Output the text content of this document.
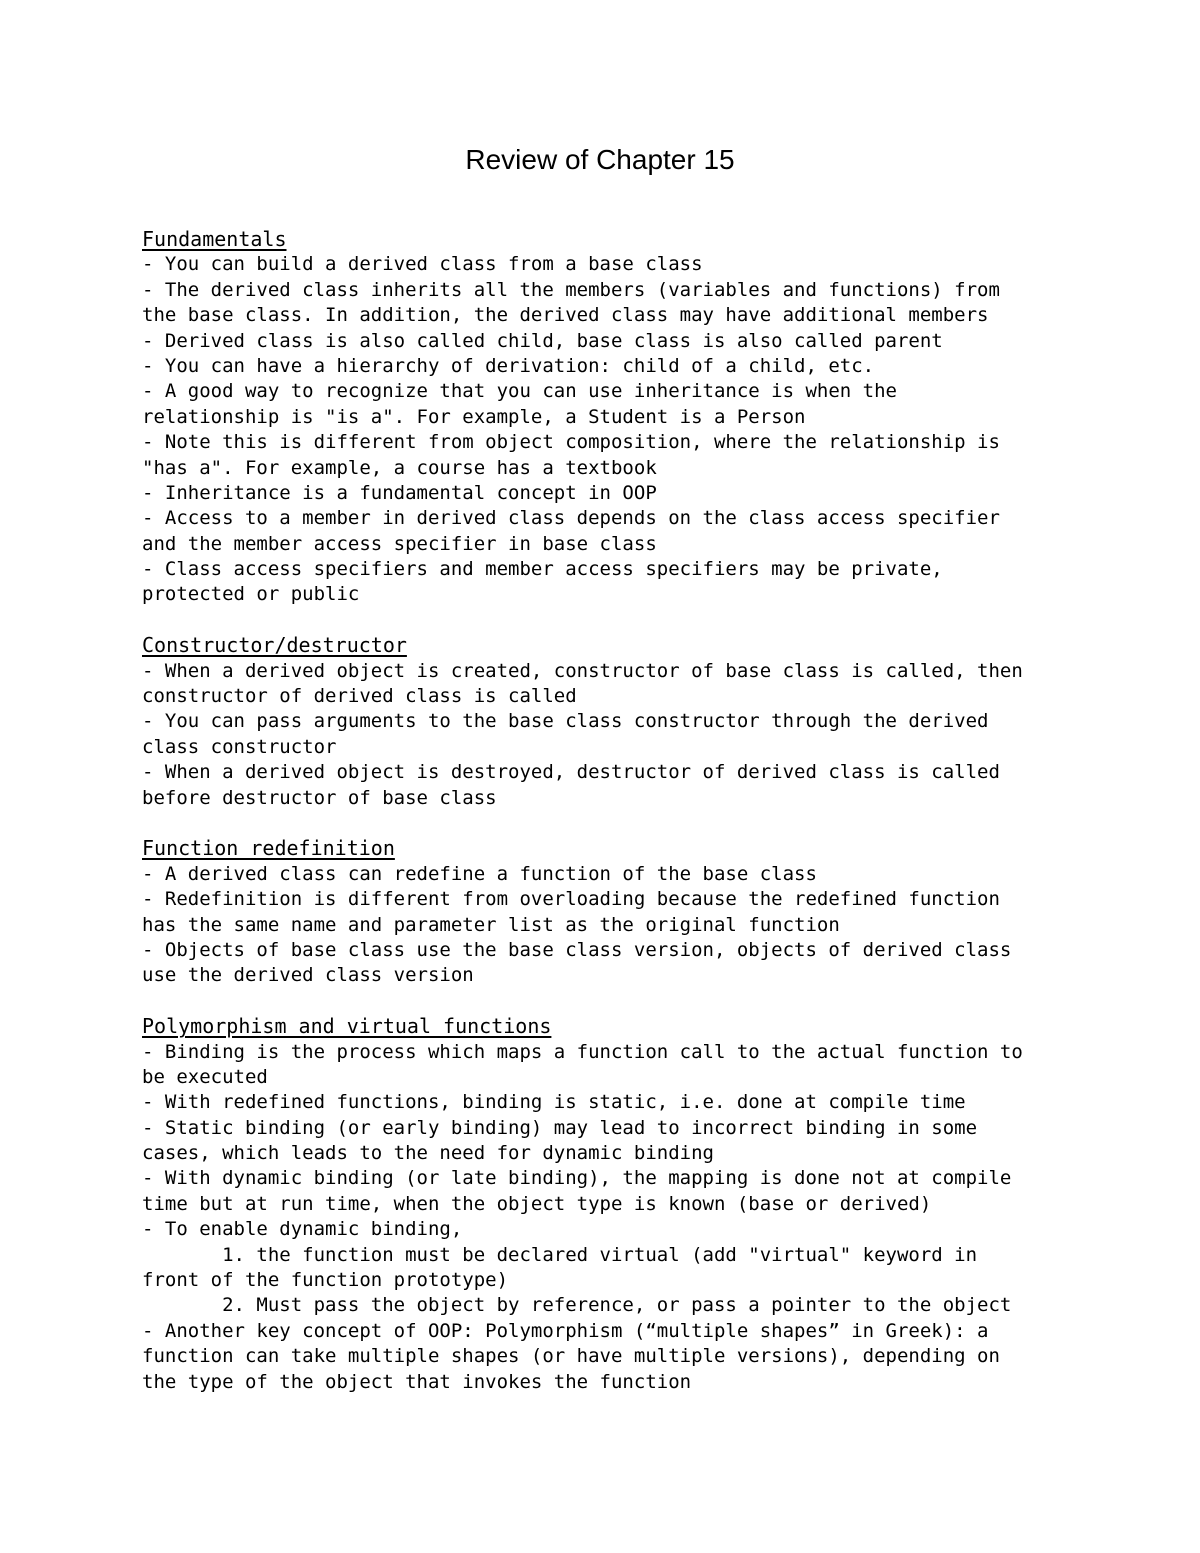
Review of Chapter 15
Fundamentals
- You can build a derived class from a base class
- The derived class inherits all the members (variables and functions) from
the base class. In addition, the derived class may have additional members
- Derived class is also called child, base class is also called parent
- You can have a hierarchy of derivation: child of a child, etc.
- A good way to recognize that you can use inheritance is when the
relationship is "is a". For example, a Student is a Person
- Note this is different from object composition, where the relationship is
"has a". For example, a course has a textbook
- Inheritance is a fundamental concept in OOP
- Access to a member in derived class depends on the class access specifier
and the member access specifier in base class
- Class access specifiers and member access specifiers may be private,
protected or public
Constructor/destructor
- When a derived object is created, constructor of base class is called, then
constructor of derived class is called
- You can pass arguments to the base class constructor through the derived
class constructor
- When a derived object is destroyed, destructor of derived class is called
before destructor of base class
Function redefinition
- A derived class can redefine a function of the base class
- Redefinition is different from overloading because the redefined function
has the same name and parameter list as the original function
- Objects of base class use the base class version, objects of derived class
use the derived class version
Polymorphism and virtual functions
- Binding is the process which maps a function call to the actual function to
be executed
- With redefined functions, binding is static, i.e. done at compile time
- Static binding (or early binding) may lead to incorrect binding in some
cases, which leads to the need for dynamic binding
- With dynamic binding (or late binding), the mapping is done not at compile
time but at run time, when the object type is known (base or derived)
- To enable dynamic binding,
1. the function must be declared virtual (add "virtual" keyword in
front of the function prototype)
2. Must pass the object by reference, or pass a pointer to the object
- Another key concept of OOP: Polymorphism (“multiple shapes” in Greek): a
function can take multiple shapes (or have multiple versions), depending on
the type of the object that invokes the function
